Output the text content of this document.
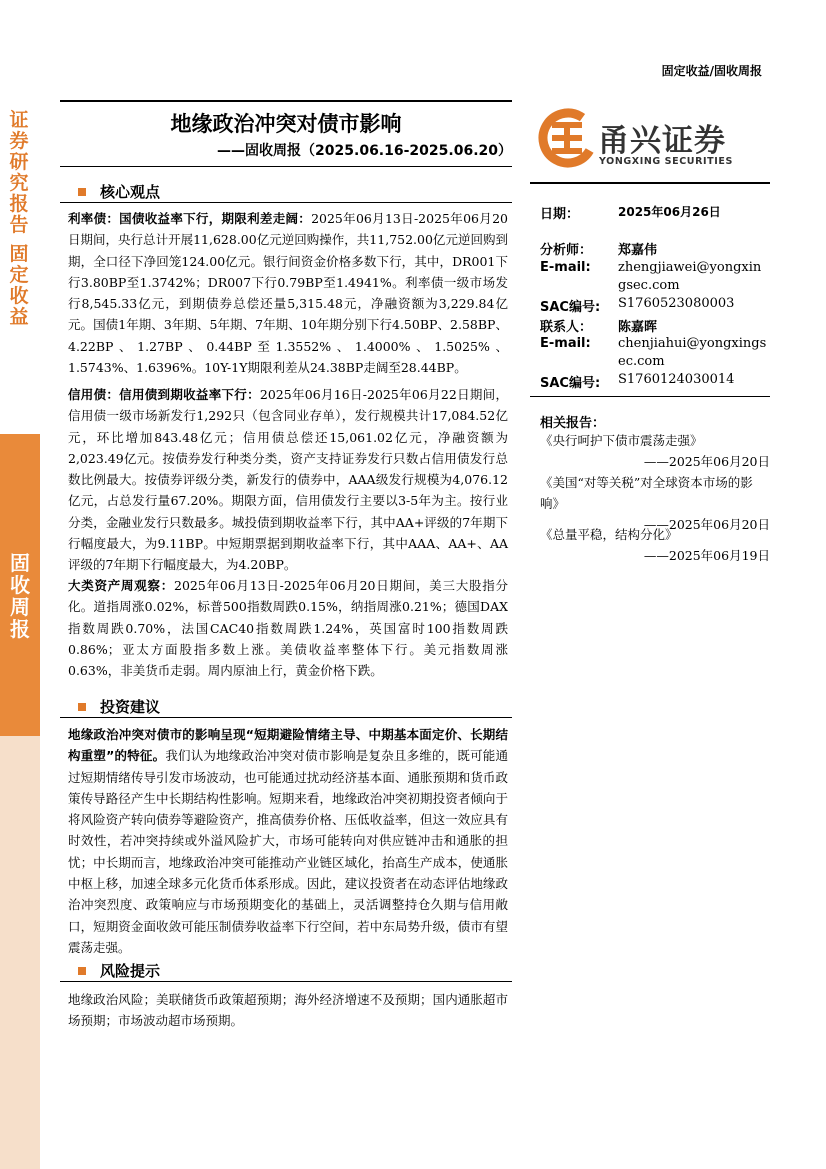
固定收益/固收周报
证券研究报告
固定收益
固收周报
地缘政治冲突对债市影响
——固收周报（2025.06.16-2025.06.20）	甬兴证券
YONGXING SECURITIES
日期：	2025年06月26日
分析师： 郑嘉伟
E-mail: zhengjiawei@yongxin
gsec.com
SAC编号: S1760523080003
联系人： 陈嘉晖
E-mail: chenjiahui@yongxings
ec.com
SAC编号: S1760124030014
相关报告：
《央行呵护下债市震荡走强》
——2025年06月20日
《美国“对等关税”对全球资本市场的影响》
——2025年06月20日
《总量平稳，结构分化》
——2025年06月19日
核心观点
利率债：国债收益率下行，期限利差走阔：2025年06月13日-2025年06月20日期间，央行总计开展11,628.00亿元逆回购操作，共11,752.00亿元逆回购到期，全口径下净回笼124.00亿元。银行间资金价格多数下行，其中，DR001下行3.80BP至1.3742%；DR007下行0.79BP至1.4941%。利率债一级市场发行8,545.33亿元，到期债券总偿还量5,315.48元，净融资额为3,229.84亿元。国债1年期、3年期、5年期、7年期、10年期分别下行4.50BP、2.58BP、4.22BP、1.27BP、0.44BP至1.3552%、1.4000%、1.5025%、1.5743%、1.6396%。10Y-1Y期限利差从24.38BP走阔至28.44BP。
信用债：信用债到期收益率下行：2025年06月16日-2025年06月22日期间，信用债一级市场新发行1,292只（包含同业存单），发行规模共计17,084.52亿元，环比增加843.48亿元；信用债总偿还15,061.02亿元，净融资额为2,023.49亿元。按债券发行种类分类，资产支持证券发行只数占信用债发行总数比例最大。按债券评级分类，新发行的债券中，AAA级发行规模为4,076.12亿元，占总发行量67.20%。期限方面，信用债发行主要以3-5年为主。按行业分类，金融业发行只数最多。城投债到期收益率下行，其中AA+评级的7年期下行幅度最大，为9.11BP。中短期票据到期收益率下行，其中AAA、AA+、AA评级的7年期下行幅度最大，为4.20BP。
大类资产周观察：2025年06月13日-2025年06月20日期间，美三大股指分化。道指周涨0.02%，标普500指数周跌0.15%，纳指周涨0.21%；德国DAX指数周跌0.70%，法国CAC40指数周跌1.24%，英国富时100指数周跌0.86%；亚太方面股指多数上涨。美债收益率整体下行。美元指数周涨0.63%，非美货币走弱。周内原油上行，黄金价格下跌。
投资建议
地缘政治冲突对债市的影响呈现“短期避险情绪主导、中期基本面定价、长期结构重塑”的特征。我们认为地缘政治冲突对债市影响是复杂且多维的，既可能通过短期情绪传导引发市场波动，也可能通过扰动经济基本面、通胀预期和货币政策传导路径产生中长期结构性影响。短期来看，地缘政治冲突初期投资者倾向于将风险资产转向债券等避险资产，推高债券价格、压低收益率，但这一效应具有时效性，若冲突持续或外溢风险扩大，市场可能转向对供应链冲击和通胀的担忧；中长期而言，地缘政治冲突可能推动产业链区域化，抬高生产成本，使通胀中枢上移，加速全球多元化货币体系形成。因此，建议投资者在动态评估地缘政治冲突烈度、政策响应与市场预期变化的基础上，灵活调整持仓久期与信用敞口，短期资金面收敛可能压制债券收益率下行空间，若中东局势升级，债市有望震荡走强。
风险提示
地缘政治风险；美联储货币政策超预期；海外经济增速不及预期；国内通胀超市场预期；市场波动超市场预期。
